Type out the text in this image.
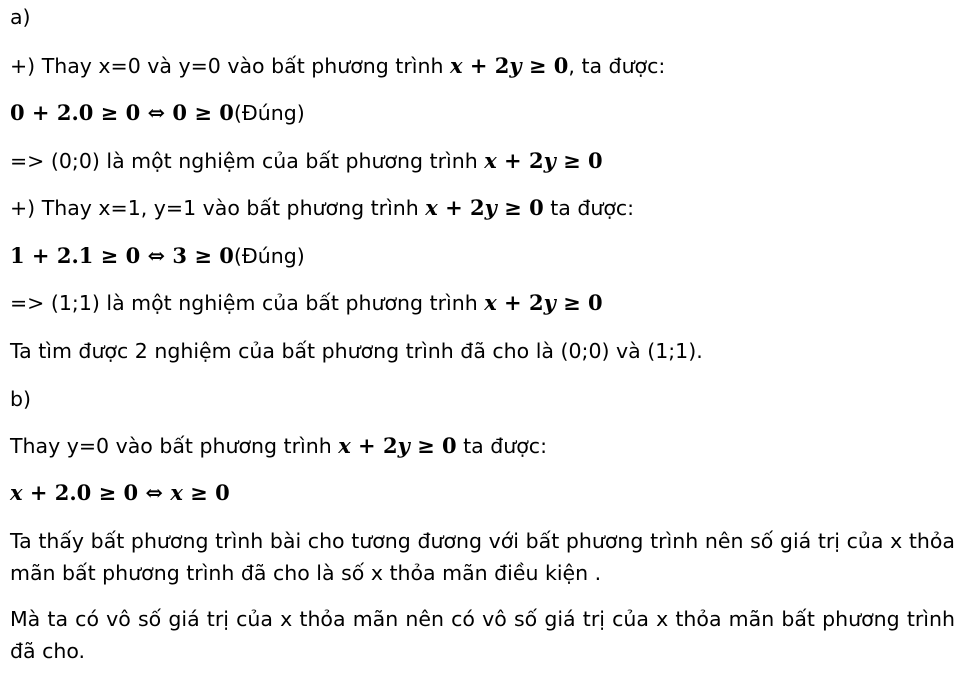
a)
+) Thay x=0 và y=0 vào bất phương trình x + 2y ≥ 0, ta được:
0 + 2.0 ≥ 0 ⇔ 0 ≥ 0(Đúng)
=> (0;0) là một nghiệm của bất phương trình x + 2y ≥ 0
+) Thay x=1, y=1 vào bất phương trình x + 2y ≥ 0 ta được:
1 + 2.1 ≥ 0 ⇔ 3 ≥ 0(Đúng)
=> (1;1) là một nghiệm của bất phương trình x + 2y ≥ 0
Ta tìm được 2 nghiệm của bất phương trình đã cho là (0;0) và (1;1).
b)
Thay y=0 vào bất phương trình x + 2y ≥ 0 ta được:
x + 2.0 ≥ 0 ⇔ x ≥ 0
Ta thấy bất phương trình bài cho tương đương với bất phương trình nên số giá trị của x thỏa mãn bất phương trình đã cho là số x thỏa mãn điều kiện .
Mà ta có vô số giá trị của x thỏa mãn nên có vô số giá trị của x thỏa mãn bất phương trình đã cho.
